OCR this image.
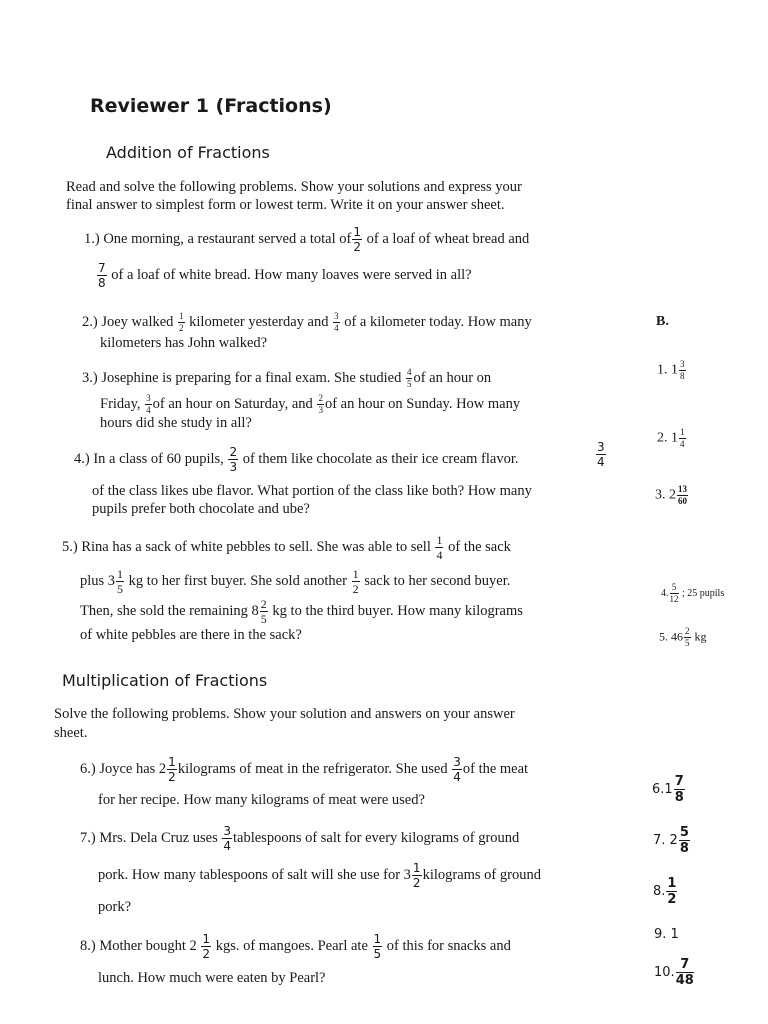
Reviewer 1 (Fractions)
Addition of Fractions
Read and solve the following problems. Show your solutions and express your
final answer to simplest form or lowest term. Write it on your answer sheet.
1.) One morning, a restaurant served a total of $\frac{1}{2}$ of a loaf of wheat bread and
$\frac{7}{8}$ of a loaf of white bread. How many loaves were served in all?
2.) Joey walked $\frac{1}{2}$ kilometer yesterday and $\frac{3}{4}$ of a kilometer today. How many
kilometers has John walked?
3.) Josephine is preparing for a final exam. She studied $\frac{4}{5}$ of an hour on
Friday, $\frac{3}{4}$ of an hour on Saturday, and $\frac{2}{3}$ of an hour on Sunday. How many
hours did she study in all?
4.) In a class of 60 pupils, $\frac{2}{3}$ of them like chocolate as their ice cream flavor.	$\frac{3}{4}$
of the class likes ube flavor. What portion of the class like both? How many
pupils prefer both chocolate and ube?
5.) Rina has a sack of white pebbles to sell. She was able to sell $\frac{1}{4}$ of the sack
plus $3 \frac{1}{5}$ kg to her first buyer. She sold another $\frac{1}{2}$ sack to her second buyer.
Then, she sold the remaining $8 \frac{2}{5}$ kg to the third buyer. How many kilograms
of white pebbles are there in the sack?
B.
1. $1 \frac{3}{8}$
2. $1 \frac{1}{4}$
3. $2 \frac{13}{60}$
4. $\frac{5}{12}$ ; 25 pupils
5. $46 \frac{2}{5}$ kg
Multiplication of Fractions
Solve the following problems. Show your solution and answers on your answer
sheet.
6.) Joyce has $2 \frac{1}{2}$ kilograms of meat in the refrigerator. She used $\frac{3}{4}$ of the meat
for her recipe. How many kilograms of meat were used?
7.) Mrs. Dela Cruz uses $\frac{3}{4}$ tablespoons of salt for every kilograms of ground
pork. How many tablespoons of salt will she use for $3 \frac{1}{2}$ kilograms of ground
pork?
8.) Mother bought $2 \frac{1}{2}$ kgs. of mangoes. Pearl ate $\frac{1}{5}$ of this for snacks and
lunch. How much were eaten by Pearl?
$6.1 \frac{7}{8}$
7. $2 \frac{5}{8}$
8. $\frac{1}{2}$
9. 1
10. $\frac{7}{48}$
